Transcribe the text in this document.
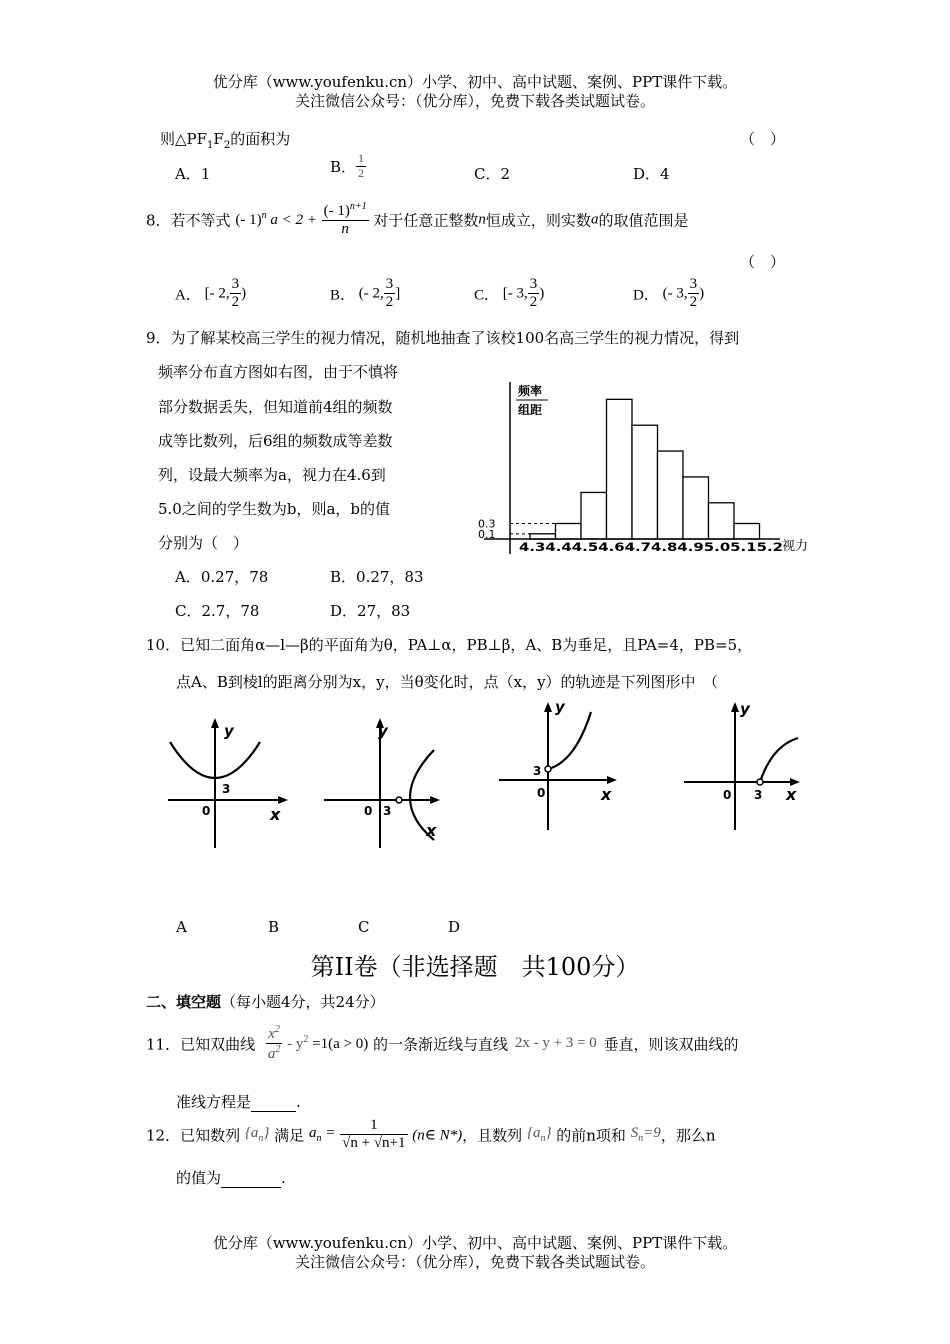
优分库（www.youfenku.cn）小学、初中、高中试题、案例、PPT课件下载。
关注微信公众号：（优分库），免费下载各类试题试卷。
则$\triangle PF_1F_2$的面积为	（　）
A．1	B． $\frac{1}{2}$	C．2	D．4
8．若不等式 (- 1)$^n$ $a < 2 + \frac{(- 1)^{n+1}}{n}$ 对于任意正整数n恒成立，则实数a的取值范围是
（　）
A． [- 2, $\frac{3}{2}$ )	B． (- 2, $\frac{3}{2}$ ]	C． [- 3, $\frac{3}{2}$ )	D． (- 3, $\frac{3}{2}$ )
9．为了解某校高三学生的视力情况，随机地抽查了该校100名高三学生的视力情况，得到
频率分布直方图如右图，由于不慎将
部分数据丢失，但知道前4组的频数
成等比数列，后6组的频数成等差数
列，设最大频率为a，视力在4.6到
5.0之间的学生数为b，则a，b的值
分别为（　）
A．0.27，78	B．0.27，83
C．2.7，78	D．27，83
频率
组距
0.3
0.1
4.34.44.54.64.74.84.95.05.15.2 视力
10．已知二面角α—l—β的平面角为θ，PA⊥α，PB⊥β，A、B为垂足，且PA=4，PB=5，
点A、B到棱l的距离分别为x，y，当θ变化时，点（x，y）的轨迹是下列图形中　（
y
x
0
3
y
x
0 3
y
x
0
3
y
x
0 3
A	B	C	D
第II卷（非选择题　共100分）
二、填空题（每小题4分，共24分）
11．已知双曲线 $\frac{x^2}{a^2} - y^2 =1(a > 0)$ 的一条渐近线与直线 2x - y + 3 = 0 垂直，则该双曲线的
准线方程是	.
12．已知数列 $\{a_n\}$ 满足 $a_n = \frac{1}{√n + √n+1}$ (n∈ N*)，且数列 $\{a_n\}$ 的前n项和 $S_n=9$，那么n
的值为	.
优分库（www.youfenku.cn）小学、初中、高中试题、案例、PPT课件下载。
关注微信公众号：（优分库），免费下载各类试题试卷。
